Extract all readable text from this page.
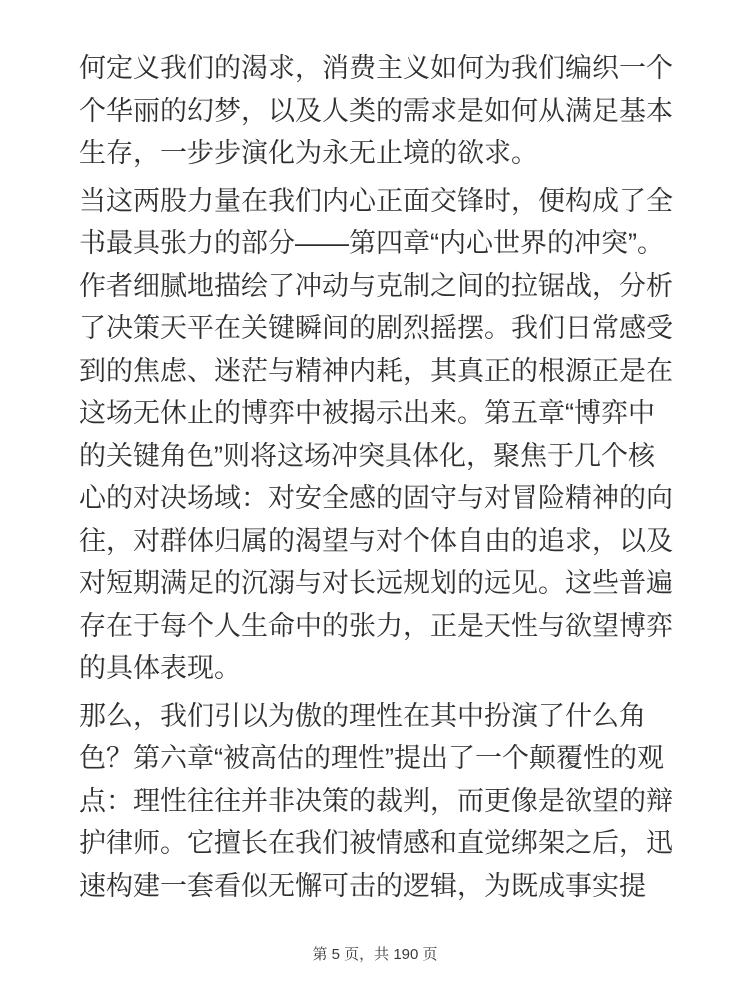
何定义我们的渴求，消费主义如何为我们编织一个个华丽的幻梦，以及人类的需求是如何从满足基本生存，一步步演化为永无止境的欲求。

当这两股力量在我们内心正面交锋时，便构成了全书最具张力的部分——第四章“内心世界的冲突”。作者细腻地描绘了冲动与克制之间的拉锯战，分析了决策天平在关键瞬间的剧烈摇摆。我们日常感受到的焦虑、迷茫与精神内耗，其真正的根源正是在这场无休止的博弈中被揭示出来。第五章“博弈中的关键角色”则将这场冲突具体化，聚焦于几个核心的对决场域：对安全感的固守与对冒险精神的向往，对群体归属的渴望与对个体自由的追求，以及对短期满足的沉溺与对长远规划的远见。这些普遍存在于每个人生命中的张力，正是天性与欲望博弈的具体表现。

那么，我们引以为傲的理性在其中扮演了什么角色？第六章“被高估的理性”提出了一个颠覆性的观点：理性往往并非决策的裁判，而更像是欲望的辩护律师。它擅长在我们被情感和直觉绑架之后，迅速构建一套看似无懈可击的逻辑，为既成事实提

第 5 页，共 190 页
